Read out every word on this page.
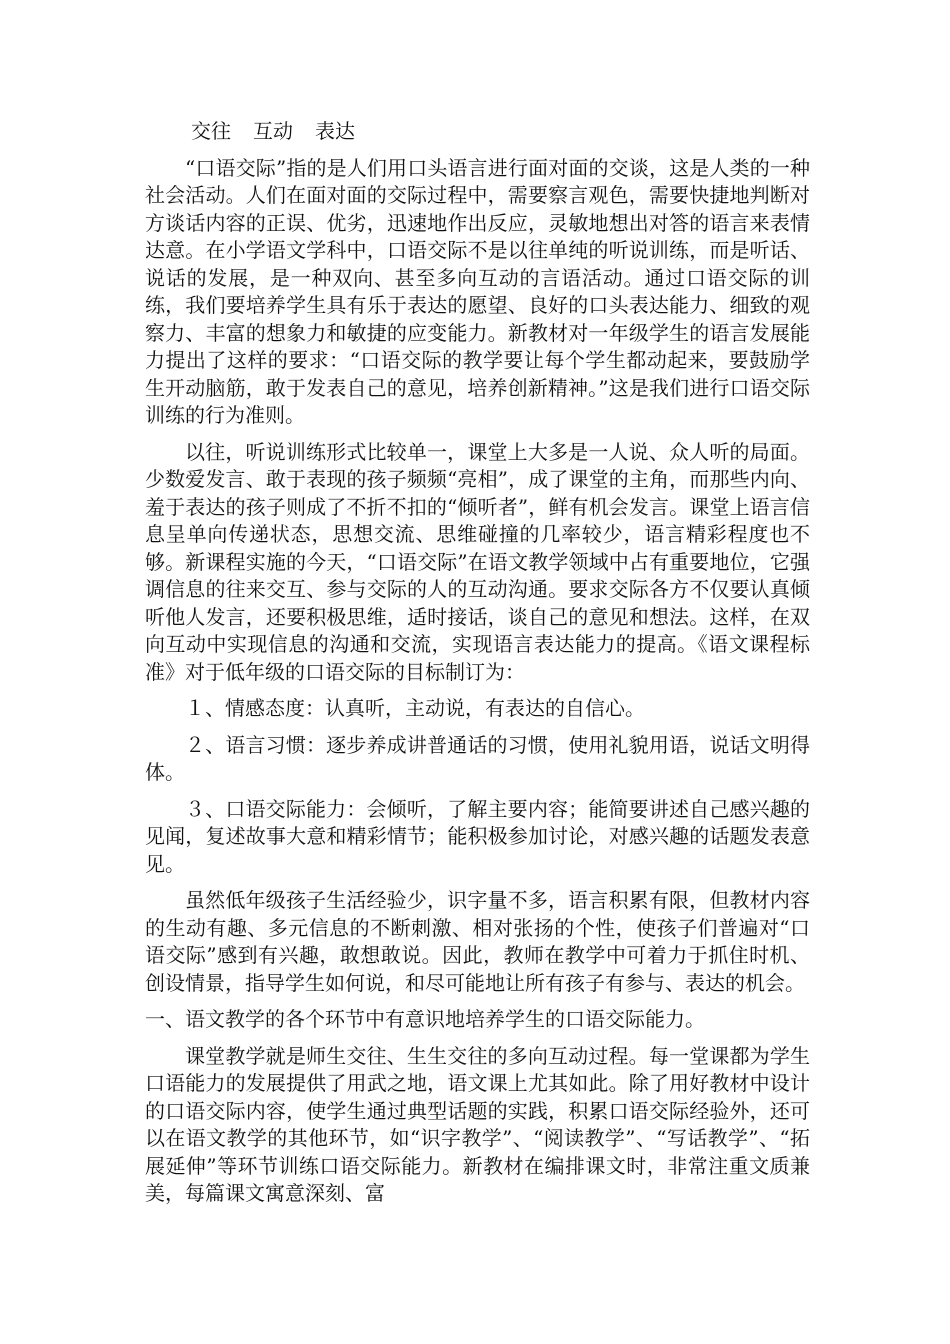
交往 互动 表达

“口语交际”指的是人们用口头语言进行面对面的交谈，这是人类的一种社会活动。人们在面对面的交际过程中，需要察言观色，需要快捷地判断对方谈话内容的正误、优劣，迅速地作出反应，灵敏地想出对答的语言来表情达意。在小学语文学科中，口语交际不是以往单纯的听说训练，而是听话、说话的发展，是一种双向、甚至多向互动的言语活动。通过口语交际的训练，我们要培养学生具有乐于表达的愿望、良好的口头表达能力、细致的观察力、丰富的想象力和敏捷的应变能力。新教材对一年级学生的语言发展能力提出了这样的要求：“口语交际的教学要让每个学生都动起来，要鼓励学生开动脑筋，敢于发表自己的意见，培养创新精神。”这是我们进行口语交际训练的行为准则。

以往，听说训练形式比较单一，课堂上大多是一人说、众人听的局面。少数爱发言、敢于表现的孩子频频“亮相”，成了课堂的主角，而那些内向、羞于表达的孩子则成了不折不扣的“倾听者”，鲜有机会发言。课堂上语言信息呈单向传递状态，思想交流、思维碰撞的几率较少，语言精彩程度也不够。新课程实施的今天，“口语交际”在语文教学领域中占有重要地位，它强调信息的往来交互、参与交际的人的互动沟通。要求交际各方不仅要认真倾听他人发言，还要积极思维，适时接话，谈自己的意见和想法。这样，在双向互动中实现信息的沟通和交流，实现语言表达能力的提高。《语文课程标准》对于低年级的口语交际的目标制订为：

１、情感态度：认真听，主动说，有表达的自信心。

２、语言习惯：逐步养成讲普通话的习惯，使用礼貌用语，说话文明得体。

３、口语交际能力：会倾听，了解主要内容；能简要讲述自己感兴趣的见闻，复述故事大意和精彩情节；能积极参加讨论，对感兴趣的话题发表意见。

虽然低年级孩子生活经验少，识字量不多，语言积累有限，但教材内容的生动有趣、多元信息的不断刺激、相对张扬的个性，使孩子们普遍对“口语交际”感到有兴趣，敢想敢说。因此，教师在教学中可着力于抓住时机、创设情景，指导学生如何说，和尽可能地让所有孩子有参与、表达的机会。

一、语文教学的各个环节中有意识地培养学生的口语交际能力。

课堂教学就是师生交往、生生交往的多向互动过程。每一堂课都为学生口语能力的发展提供了用武之地，语文课上尤其如此。除了用好教材中设计的口语交际内容，使学生通过典型话题的实践，积累口语交际经验外，还可以在语文教学的其他环节，如“识字教学”、“阅读教学”、“写话教学”、“拓展延伸”等环节训练口语交际能力。新教材在编排课文时，非常注重文质兼美，每篇课文寓意深刻、富
